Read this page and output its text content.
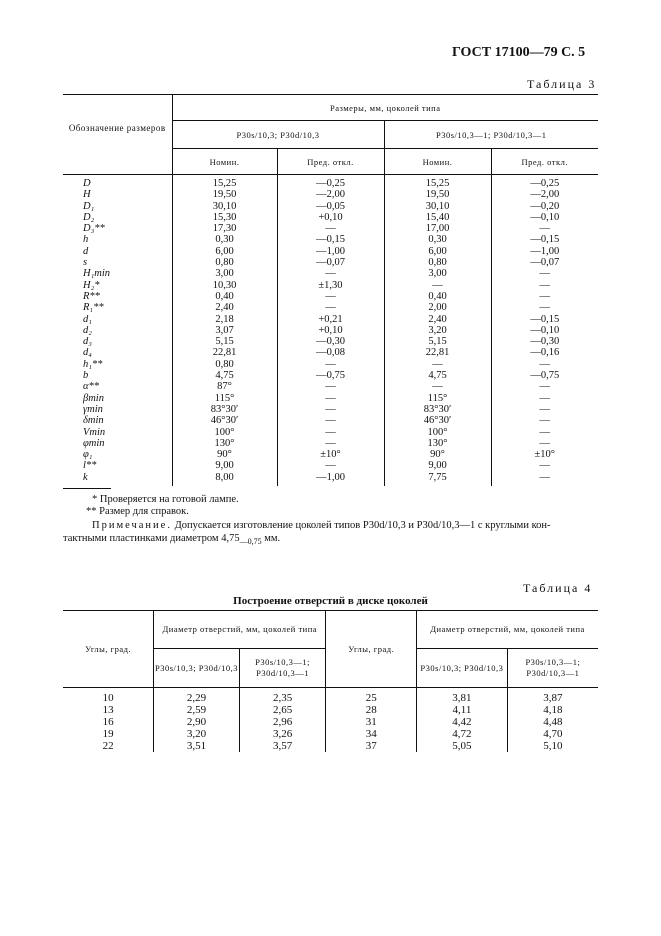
ГОСТ 17100—79 С. 5
Таблица 3
Обозначение размеров	Размеры, мм, цоколей типа			
	P30s/10,3; P30d/10,3		P30s/10,3—1; P30d/10,3—1	
	Номин.	Пред. откл.	Номин.	Пред. откл.
D	15,25	—0,25	15,25	—0,25
H	19,50	—2,00	19,50	—2,00
D₁	30,10	—0,05	30,10	—0,20
D₂	15,30	+0,10	15,40	—0,10
D₃**	17,30	—	17,00	—
h	0,30	—0,15	0,30	—0,15
d	6,00	—1,00	6,00	—1,00
s	0,80	—0,07	0,80	—0,07
H₁min	3,00	—	3,00	—
H₂*	10,30	±1,30	—	—
R**	0,40	—	0,40	—
R₁**	2,40	—	2,00	—
d₁	2,18	+0,21	2,40	—0,15
d₂	3,07	+0,10	3,20	—0,10
d₃	5,15	—0,30	5,15	—0,30
d₄	22,81	—0,08	22,81	—0,16
h₁**	0,80	—	—	—
b	4,75	—0,75	4,75	—0,75
α**	87°	—	—	—
βmin	115°	—	115°	—
γmin	83°30′	—	83°30′	—
δmin	46°30′	—	46°30′	—
Vmin	100°	—	100°	—
φmin	130°	—	130°	—
φ₁	90°	±10°	90°	±10°
l**	9,00	—	9,00	—
k	8,00	—1,00	7,75	—
* Проверяется на готовой лампе.
** Размер для справок.
Примечание. Допускается изготовление цоколей типов P30d/10,3 и P30d/10,3—1 с круглыми кон-
тактными пластинками диаметром $4,75_{—0,75}$ мм.
Таблица 4
Построение отверстий в диске цоколей
Углы, град.	Диаметр отверстий, мм, цоколей типа		Углы, град.	Диаметр отверстий, мм, цоколей типа	
	P30s/10,3; P30d/10,3	P30s/10,3—1; P30d/10,3—1		P30s/10,3; P30d/10,3	P30s/10,3—1; P30d/10,3—1
10	2,29	2,35	25	3,81	3,87
13	2,59	2,65	28	4,11	4,18
16	2,90	2,96	31	4,42	4,48
19	3,20	3,26	34	4,72	4,70
22	3,51	3,57	37	5,05	5,10
